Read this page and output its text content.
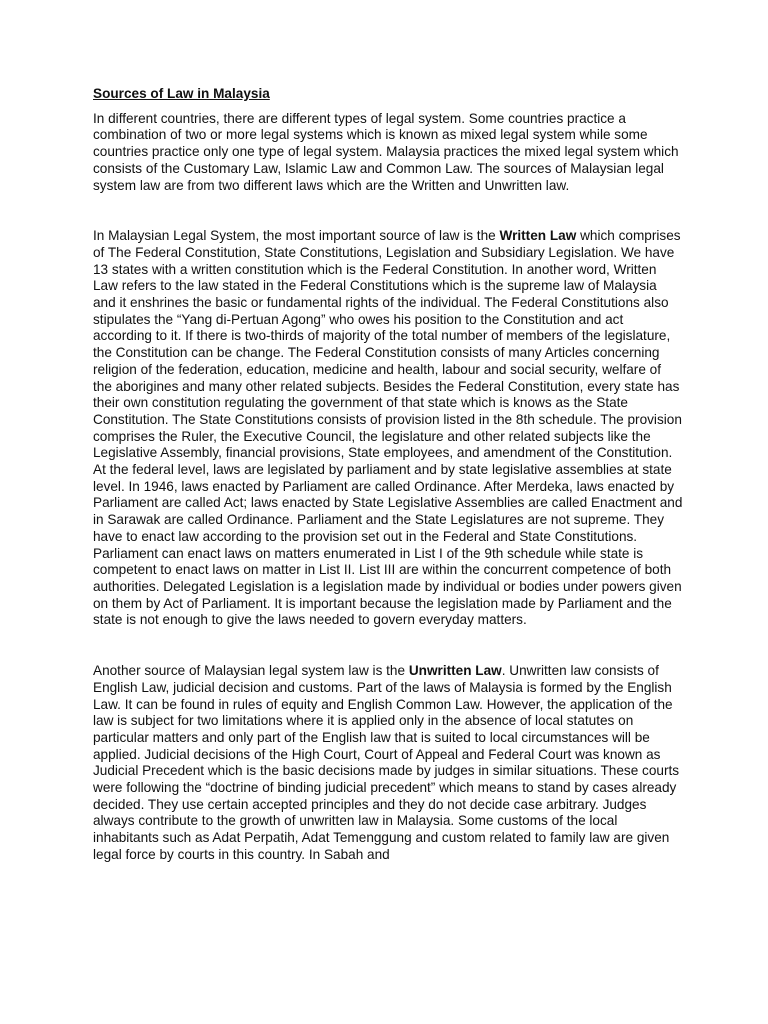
Sources of Law in Malaysia

In different countries, there are different types of legal system. Some countries practice a combination of two or more legal systems which is known as mixed legal system while some countries practice only one type of legal system. Malaysia practices the mixed legal system which consists of the Customary Law, Islamic Law and Common Law. The sources of Malaysian legal system law are from two different laws which are the Written and Unwritten law.

In Malaysian Legal System, the most important source of law is the Written Law which comprises of The Federal Constitution, State Constitutions, Legislation and Subsidiary Legislation. We have 13 states with a written constitution which is the Federal Constitution. In another word, Written Law refers to the law stated in the Federal Constitutions which is the supreme law of Malaysia and it enshrines the basic or fundamental rights of the individual. The Federal Constitutions also stipulates the “Yang di-Pertuan Agong” who owes his position to the Constitution and act according to it. If there is two-thirds of majority of the total number of members of the legislature, the Constitution can be change. The Federal Constitution consists of many Articles concerning religion of the federation, education, medicine and health, labour and social security, welfare of the aborigines and many other related subjects. Besides the Federal Constitution, every state has their own constitution regulating the government of that state which is knows as the State Constitution. The State Constitutions consists of provision listed in the 8th schedule. The provision comprises the Ruler, the Executive Council, the legislature and other related subjects like the Legislative Assembly, financial provisions, State employees, and amendment of the Constitution. At the federal level, laws are legislated by parliament and by state legislative assemblies at state level. In 1946, laws enacted by Parliament are called Ordinance. After Merdeka, laws enacted by Parliament are called Act; laws enacted by State Legislative Assemblies are called Enactment and in Sarawak are called Ordinance. Parliament and the State Legislatures are not supreme. They have to enact law according to the provision set out in the Federal and State Constitutions. Parliament can enact laws on matters enumerated in List I of the 9th schedule while state is competent to enact laws on matter in List II. List III are within the concurrent competence of both authorities. Delegated Legislation is a legislation made by individual or bodies under powers given on them by Act of Parliament. It is important because the legislation made by Parliament and the state is not enough to give the laws needed to govern everyday matters.

Another source of Malaysian legal system law is the Unwritten Law. Unwritten law consists of English Law, judicial decision and customs. Part of the laws of Malaysia is formed by the English Law. It can be found in rules of equity and English Common Law. However, the application of the law is subject for two limitations where it is applied only in the absence of local statutes on particular matters and only part of the English law that is suited to local circumstances will be applied. Judicial decisions of the High Court, Court of Appeal and Federal Court was known as Judicial Precedent which is the basic decisions made by judges in similar situations. These courts were following the “doctrine of binding judicial precedent” which means to stand by cases already decided. They use certain accepted principles and they do not decide case arbitrary. Judges always contribute to the growth of unwritten law in Malaysia. Some customs of the local inhabitants such as Adat Perpatih, Adat Temenggung and custom related to family law are given legal force by courts in this country. In Sabah and
